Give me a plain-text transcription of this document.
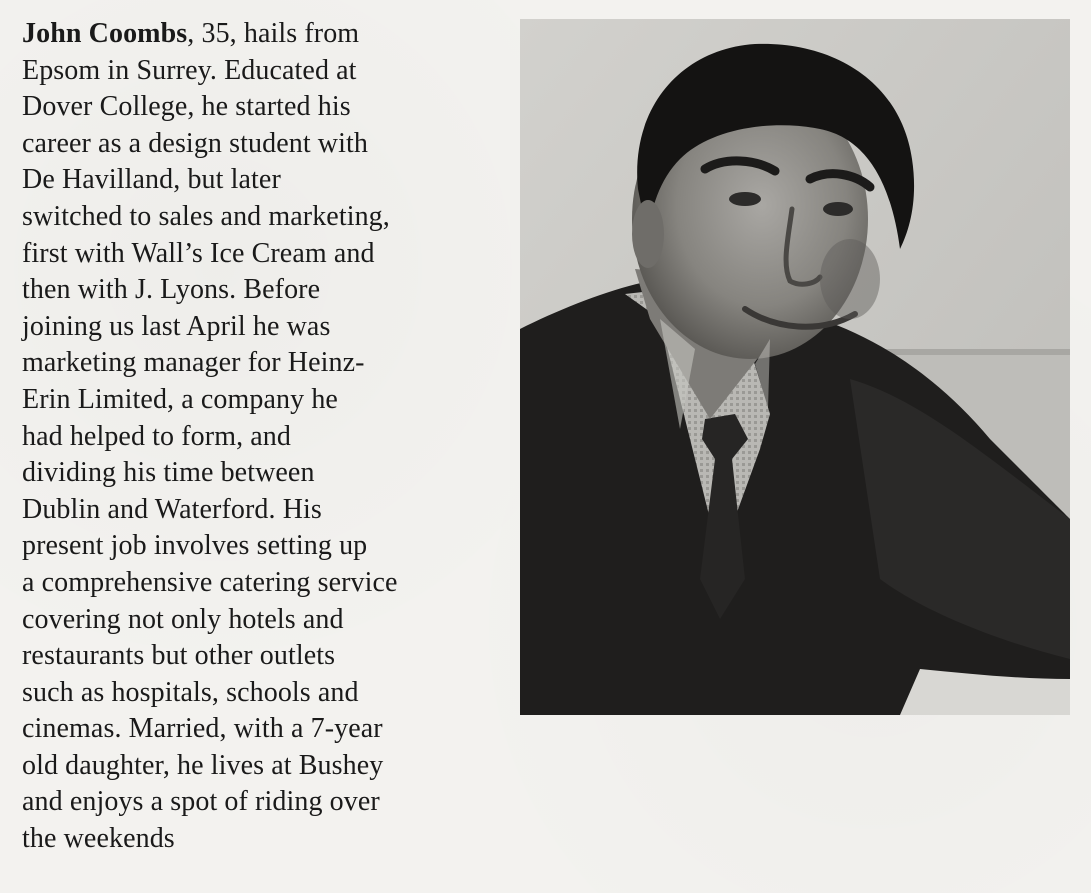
John Coombs, 35, hails from
Epsom in Surrey. Educated at
Dover College, he started his
career as a design student with
De Havilland, but later
switched to sales and marketing,
first with Wall’s Ice Cream and
then with J. Lyons. Before
joining us last April he was
marketing manager for Heinz-
Erin Limited, a company he
had helped to form, and
dividing his time between
Dublin and Waterford. His
present job involves setting up
a comprehensive catering service
covering not only hotels and
restaurants but other outlets
such as hospitals, schools and
cinemas. Married, with a 7-year
old daughter, he lives at Bushey
and enjoys a spot of riding over
the weekends
